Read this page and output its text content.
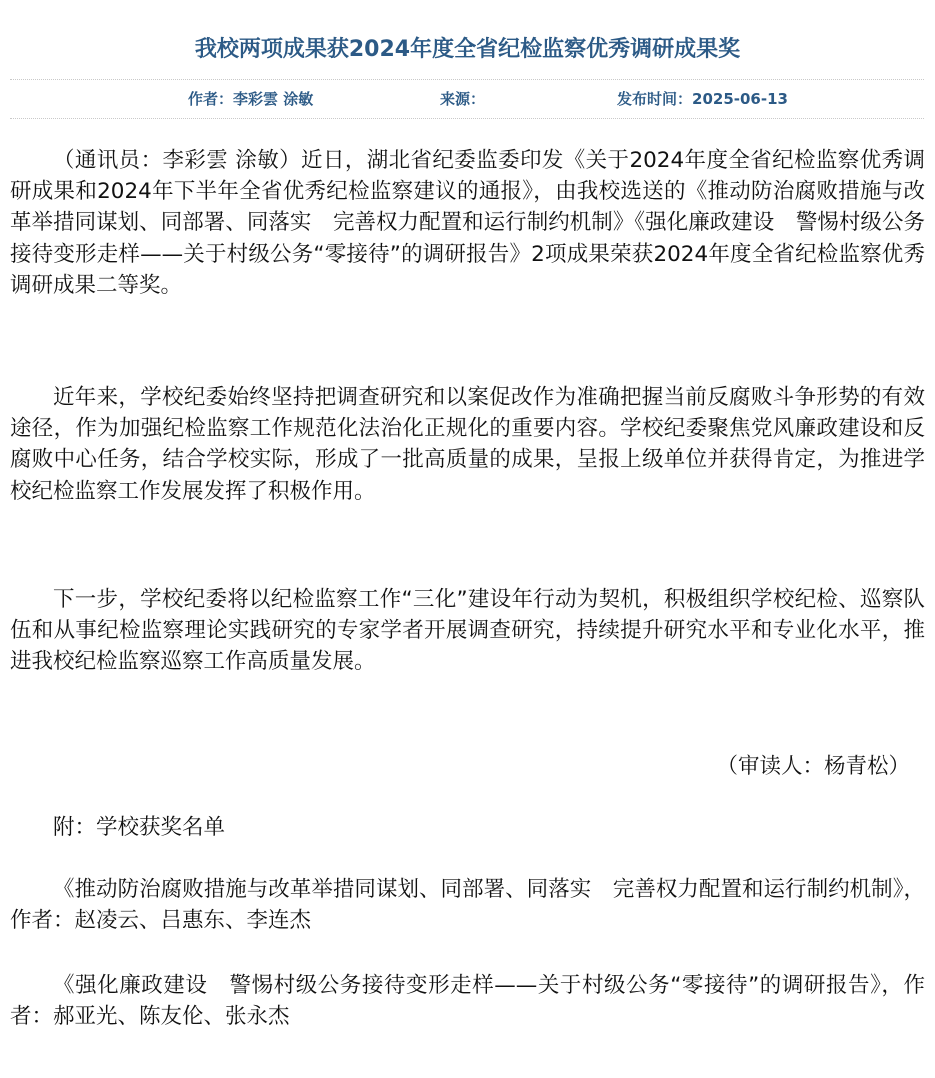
我校两项成果获2024年度全省纪检监察优秀调研成果奖
作者：李彩雲 涂敏	来源：	发布时间：2025-06-13

（通讯员：李彩雲 涂敏）近日，湖北省纪委监委印发《关于2024年度全省纪检监察优秀调研成果和2024年下半年全省优秀纪检监察建议的通报》，由我校选送的《推动防治腐败措施与改革举措同谋划、同部署、同落实　完善权力配置和运行制约机制》《强化廉政建设　警惕村级公务接待变形走样——关于村级公务“零接待”的调研报告》2项成果荣获2024年度全省纪检监察优秀调研成果二等奖。

近年来，学校纪委始终坚持把调查研究和以案促改作为准确把握当前反腐败斗争形势的有效途径，作为加强纪检监察工作规范化法治化正规化的重要内容。学校纪委聚焦党风廉政建设和反腐败中心任务，结合学校实际，形成了一批高质量的成果，呈报上级单位并获得肯定，为推进学校纪检监察工作发展发挥了积极作用。

下一步，学校纪委将以纪检监察工作“三化”建设年行动为契机，积极组织学校纪检、巡察队伍和从事纪检监察理论实践研究的专家学者开展调查研究，持续提升研究水平和专业化水平，推进我校纪检监察巡察工作高质量发展。

（审读人：杨青松）

附：学校获奖名单

《推动防治腐败措施与改革举措同谋划、同部署、同落实　完善权力配置和运行制约机制》，作者：赵凌云、吕惠东、李连杰

《强化廉政建设　警惕村级公务接待变形走样——关于村级公务“零接待”的调研报告》，作者：郝亚光、陈友伦、张永杰
